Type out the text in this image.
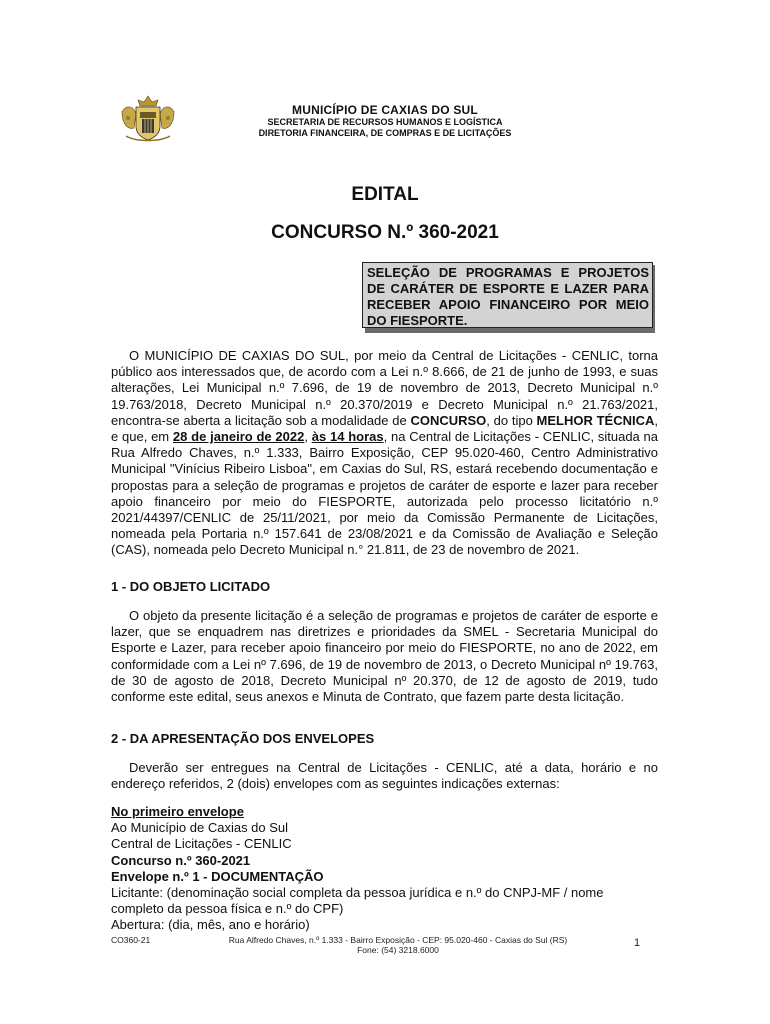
MUNICÍPIO DE CAXIAS DO SUL
SECRETARIA DE RECURSOS HUMANOS E LOGÍSTICA
DIRETORIA FINANCEIRA, DE COMPRAS E DE LICITAÇÕES
EDITAL
CONCURSO N.º 360-2021
SELEÇÃO DE PROGRAMAS E PROJETOS DE CARÁTER DE ESPORTE E LAZER PARA RECEBER APOIO FINANCEIRO POR MEIO DO FIESPORTE.
O MUNICÍPIO DE CAXIAS DO SUL, por meio da Central de Licitações - CENLIC, torna público aos interessados que, de acordo com a Lei n.º 8.666, de 21 de junho de 1993, e suas alterações, Lei Municipal n.º 7.696, de 19 de novembro de 2013, Decreto Municipal n.º 19.763/2018, Decreto Municipal n.º 20.370/2019 e Decreto Municipal n.º 21.763/2021, encontra-se aberta a licitação sob a modalidade de CONCURSO, do tipo MELHOR TÉCNICA, e que, em 28 de janeiro de 2022, às 14 horas, na Central de Licitações - CENLIC, situada na Rua Alfredo Chaves, n.º 1.333, Bairro Exposição, CEP 95.020-460, Centro Administrativo Municipal "Vinícius Ribeiro Lisboa", em Caxias do Sul, RS, estará recebendo documentação e propostas para a seleção de programas e projetos de caráter de esporte e lazer para receber apoio financeiro por meio do FIESPORTE, autorizada pelo processo licitatório n.º 2021/44397/CENLIC de 25/11/2021, por meio da Comissão Permanente de Licitações, nomeada pela Portaria n.º 157.641 de 23/08/2021 e da Comissão de Avaliação e Seleção (CAS), nomeada pelo Decreto Municipal n.° 21.811, de 23 de novembro de 2021.
1 - DO OBJETO LICITADO
O objeto da presente licitação é a seleção de programas e projetos de caráter de esporte e lazer, que se enquadrem nas diretrizes e prioridades da SMEL - Secretaria Municipal do Esporte e Lazer, para receber apoio financeiro por meio do FIESPORTE, no ano de 2022, em conformidade com a Lei nº 7.696, de 19 de novembro de 2013, o Decreto Municipal nº 19.763, de 30 de agosto de 2018, Decreto Municipal nº 20.370, de 12 de agosto de 2019, tudo conforme este edital, seus anexos e Minuta de Contrato, que fazem parte desta licitação.
2 - DA APRESENTAÇÃO DOS ENVELOPES
Deverão ser entregues na Central de Licitações - CENLIC, até a data, horário e no endereço referidos, 2 (dois) envelopes com as seguintes indicações externas:
No primeiro envelope
Ao Município de Caxias do Sul
Central de Licitações - CENLIC
Concurso n.º 360-2021
Envelope n.º 1 - DOCUMENTAÇÃO
Licitante: (denominação social completa da pessoa jurídica e n.º do CNPJ-MF / nome completo da pessoa física e n.º do CPF)
Abertura: (dia, mês, ano e horário)
CO360-21	Rua Alfredo Chaves, n.º 1.333 - Bairro Exposição - CEP: 95.020-460 - Caxias do Sul (RS)
Fone: (54) 3218.6000
1
